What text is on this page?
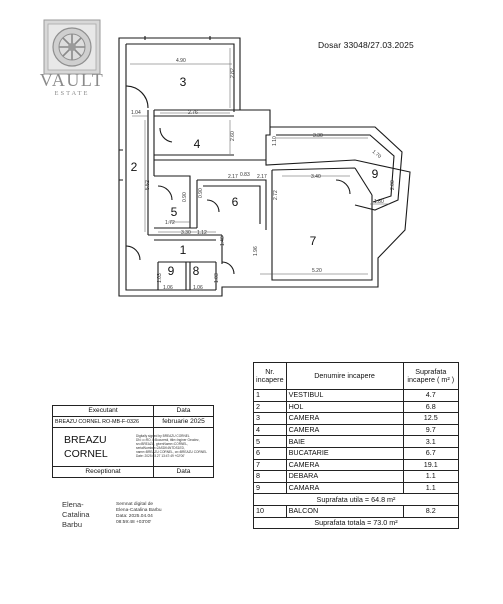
VAULT
ESTATE
Dosar 33048/27.03.2025
3
4
2
5
6
1
9 8
7
9
4.90
2.82
1.04	2.76
2.60
5.52
2.17
0.90 0.90
1.72
1.12
1.10
1.40
3.30
2.17	3.40
2.72
1.96
5.20
1.06	1.06
1.03	1.03
0.83
1.70
2.00
1.80
3.30
Nr. incapere	Denumire incapere	Suprafata incapere ( m² )
1	VESTIBUL	4.7
2	HOL	6.8
3	CAMERA	12.5
4	CAMERA	9.7
5	BAIE	3.1
6	BUCATARIE	6.7
7	CAMERA	19.1
8	DEBARA	1.1
9	CAMARA	1.1
Suprafata utila = 64.8 m²		
10	BALCON	8.2
Suprafata totala = 73.0 m²		
Executant	Data
BREAZU CORNEL RO-MB-F-0326	februarie 2025

Receptionat	Data
BREAZU
CORNEL
Digitally signed by BREAZU CORNEL
DN: c=RO, l=Bucuresti, title=Inginer Geodez,
sn=BREAZU, givenName=CORNEL,
serialNumber=2ASDK4NTDS1ED,
name=BREAZU CORNEL, cn=BREAZU CORNEL
Date: 2025.03.27 13:47:49 +02'00'
Elena-
Catalina
Barbu
Semnat digital de
Elena-Catalina Barbu
Data: 2025.04.04
08:59:48 +03'00'
